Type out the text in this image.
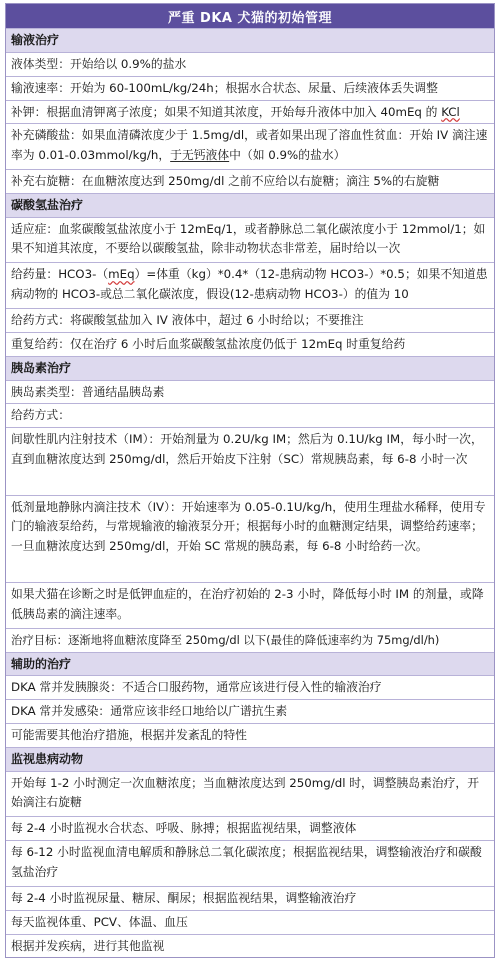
严重 DKA 犬猫的初始管理
输液治疗
液体类型：开始给以 0.9%的盐水
输液速率：开始为 60-100mL/kg/24h；根据水合状态、尿量、后续液体丢失调整
补钾：根据血清钾离子浓度；如果不知道其浓度，开始每升液体中加入 40mEq 的 KCl
补充磷酸盐：如果血清磷浓度少于 1.5mg/dl，或者如果出现了溶血性贫血：开始 IV 滴注速率为 0.01-0.03mmol/kg/h，于无钙液体中（如 0.9%的盐水）
补充右旋糖：在血糖浓度达到 250mg/dl 之前不应给以右旋糖；滴注 5%的右旋糖
碳酸氢盐治疗
适应症：血浆碳酸氢盐浓度小于 12mEq/1，或者静脉总二氧化碳浓度小于 12mmol/1；如果不知道其浓度，不要给以碳酸氢盐，除非动物状态非常差，届时给以一次
给药量：HCO3-（mEq）=体重（kg）*0.4*（12-患病动物 HCO3-）*0.5；如果不知道患病动物的 HCO3-或总二氧化碳浓度，假设(12-患病动物 HCO3-）的值为 10
给药方式：将碳酸氢盐加入 IV 液体中，超过 6 小时给以；不要推注
重复给药：仅在治疗 6 小时后血浆碳酸氢盐浓度仍低于 12mEq 时重复给药
胰岛素治疗
胰岛素类型：普通结晶胰岛素
给药方式：
间歇性肌内注射技术（IM）：开始剂量为 0.2U/kg IM；然后为 0.1U/kg IM，每小时一次，直到血糖浓度达到 250mg/dl，然后开始皮下注射（SC）常规胰岛素，每 6-8 小时一次
低剂量地静脉内滴注技术（IV）：开始速率为 0.05-0.1U/kg/h，使用生理盐水稀释，使用专门的输液泵给药，与常规输液的输液泵分开；根据每小时的血糖测定结果，调整给药速率；一旦血糖浓度达到 250mg/dl，开始 SC 常规的胰岛素，每 6-8 小时给药一次。
如果犬猫在诊断之时是低钾血症的，在治疗初始的 2-3 小时，降低每小时 IM 的剂量，或降低胰岛素的滴注速率。
治疗目标：逐渐地将血糖浓度降至 250mg/dl 以下(最佳的降低速率约为 75mg/dl/h)
辅助的治疗
DKA 常并发胰腺炎：不适合口服药物，通常应该进行侵入性的输液治疗
DKA 常并发感染：通常应该非经口地给以广谱抗生素
可能需要其他治疗措施，根据并发紊乱的特性
监视患病动物
开始每 1-2 小时测定一次血糖浓度；当血糖浓度达到 250mg/dl 时，调整胰岛素治疗，开始滴注右旋糖
每 2-4 小时监视水合状态、呼吸、脉搏；根据监视结果，调整液体
每 6-12 小时监视血清电解质和静脉总二氧化碳浓度；根据监视结果，调整输液治疗和碳酸氢盐治疗
每 2-4 小时监视尿量、糖尿、酮尿；根据监视结果，调整输液治疗
每天监视体重、PCV、体温、血压
根据并发疾病，进行其他监视
